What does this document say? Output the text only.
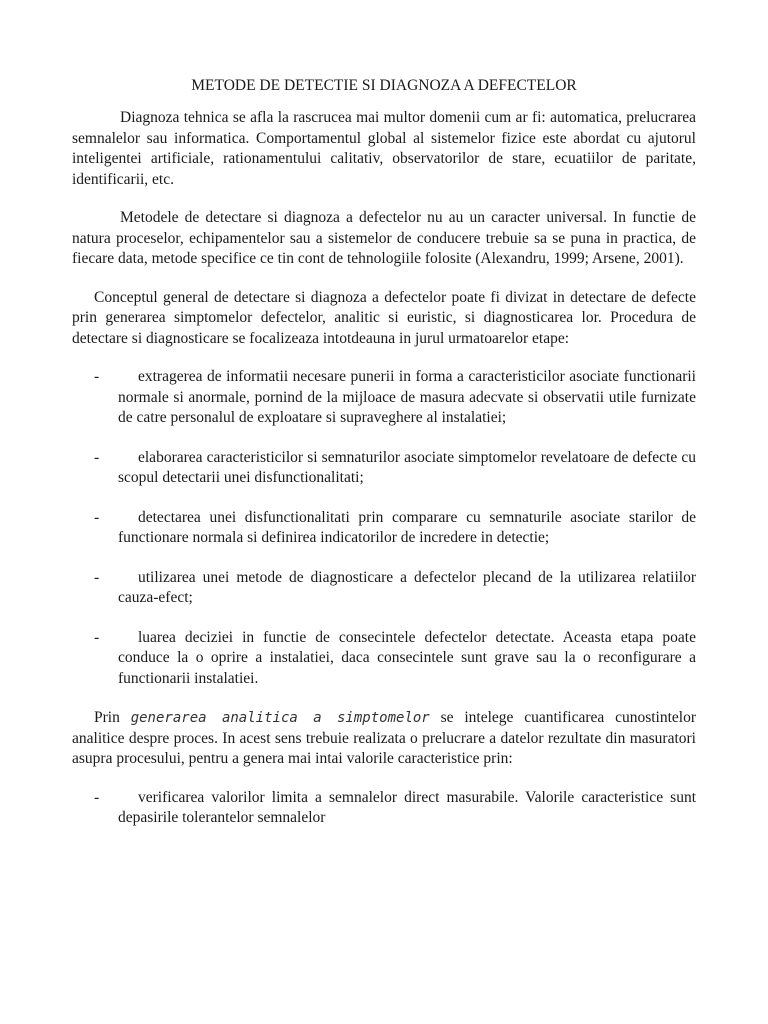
METODE DE DETECTIE SI DIAGNOZA A DEFECTELOR

Diagnoza tehnica se afla la rascrucea mai multor domenii cum ar fi: automatica, prelucrarea semnalelor sau informatica. Comportamentul global al sistemelor fizice este abordat cu ajutorul inteligentei artificiale, rationamentului calitativ, observatorilor de stare, ecuatiilor de paritate, identificarii, etc.

Metodele de detectare si diagnoza a defectelor nu au un caracter universal. In functie de natura proceselor, echipamentelor sau a sistemelor de conducere trebuie sa se puna in practica, de fiecare data, metode specifice ce tin cont de tehnologiile folosite (Alexandru, 1999; Arsene, 2001).

Conceptul general de detectare si diagnoza a defectelor poate fi divizat in detectare de defecte prin generarea simptomelor defectelor, analitic si euristic, si diagnosticarea lor. Procedura de detectare si diagnosticare se focalizeaza intotdeauna in jurul urmatoarelor etape:

-	extragerea de informatii necesare punerii in forma a caracteristicilor asociate functionarii normale si anormale, pornind de la mijloace de masura adecvate si observatii utile furnizate de catre personalul de exploatare si supraveghere al instalatiei;
-	elaborarea caracteristicilor si semnaturilor asociate simptomelor revelatoare de defecte cu scopul detectarii unei disfunctionalitati;
-	detectarea unei disfunctionalitati prin comparare cu semnaturile asociate starilor de functionare normala si definirea indicatorilor de incredere in detectie;
-	utilizarea unei metode de diagnosticare a defectelor plecand de la utilizarea relatiilor cauza-efect;
-	luarea deciziei in functie de consecintele defectelor detectate. Aceasta etapa poate conduce la o oprire a instalatiei, daca consecintele sunt grave sau la o reconfigurare a functionarii instalatiei.

Prin generarea analitica a simptomelor se intelege cuantificarea cunostintelor analitice despre proces. In acest sens trebuie realizata o prelucrare a datelor rezultate din masuratori asupra procesului, pentru a genera mai intai valorile caracteristice prin:

-	verificarea valorilor limita a semnalelor direct masurabile. Valorile caracteristice sunt depasirile tolerantelor semnalelor
